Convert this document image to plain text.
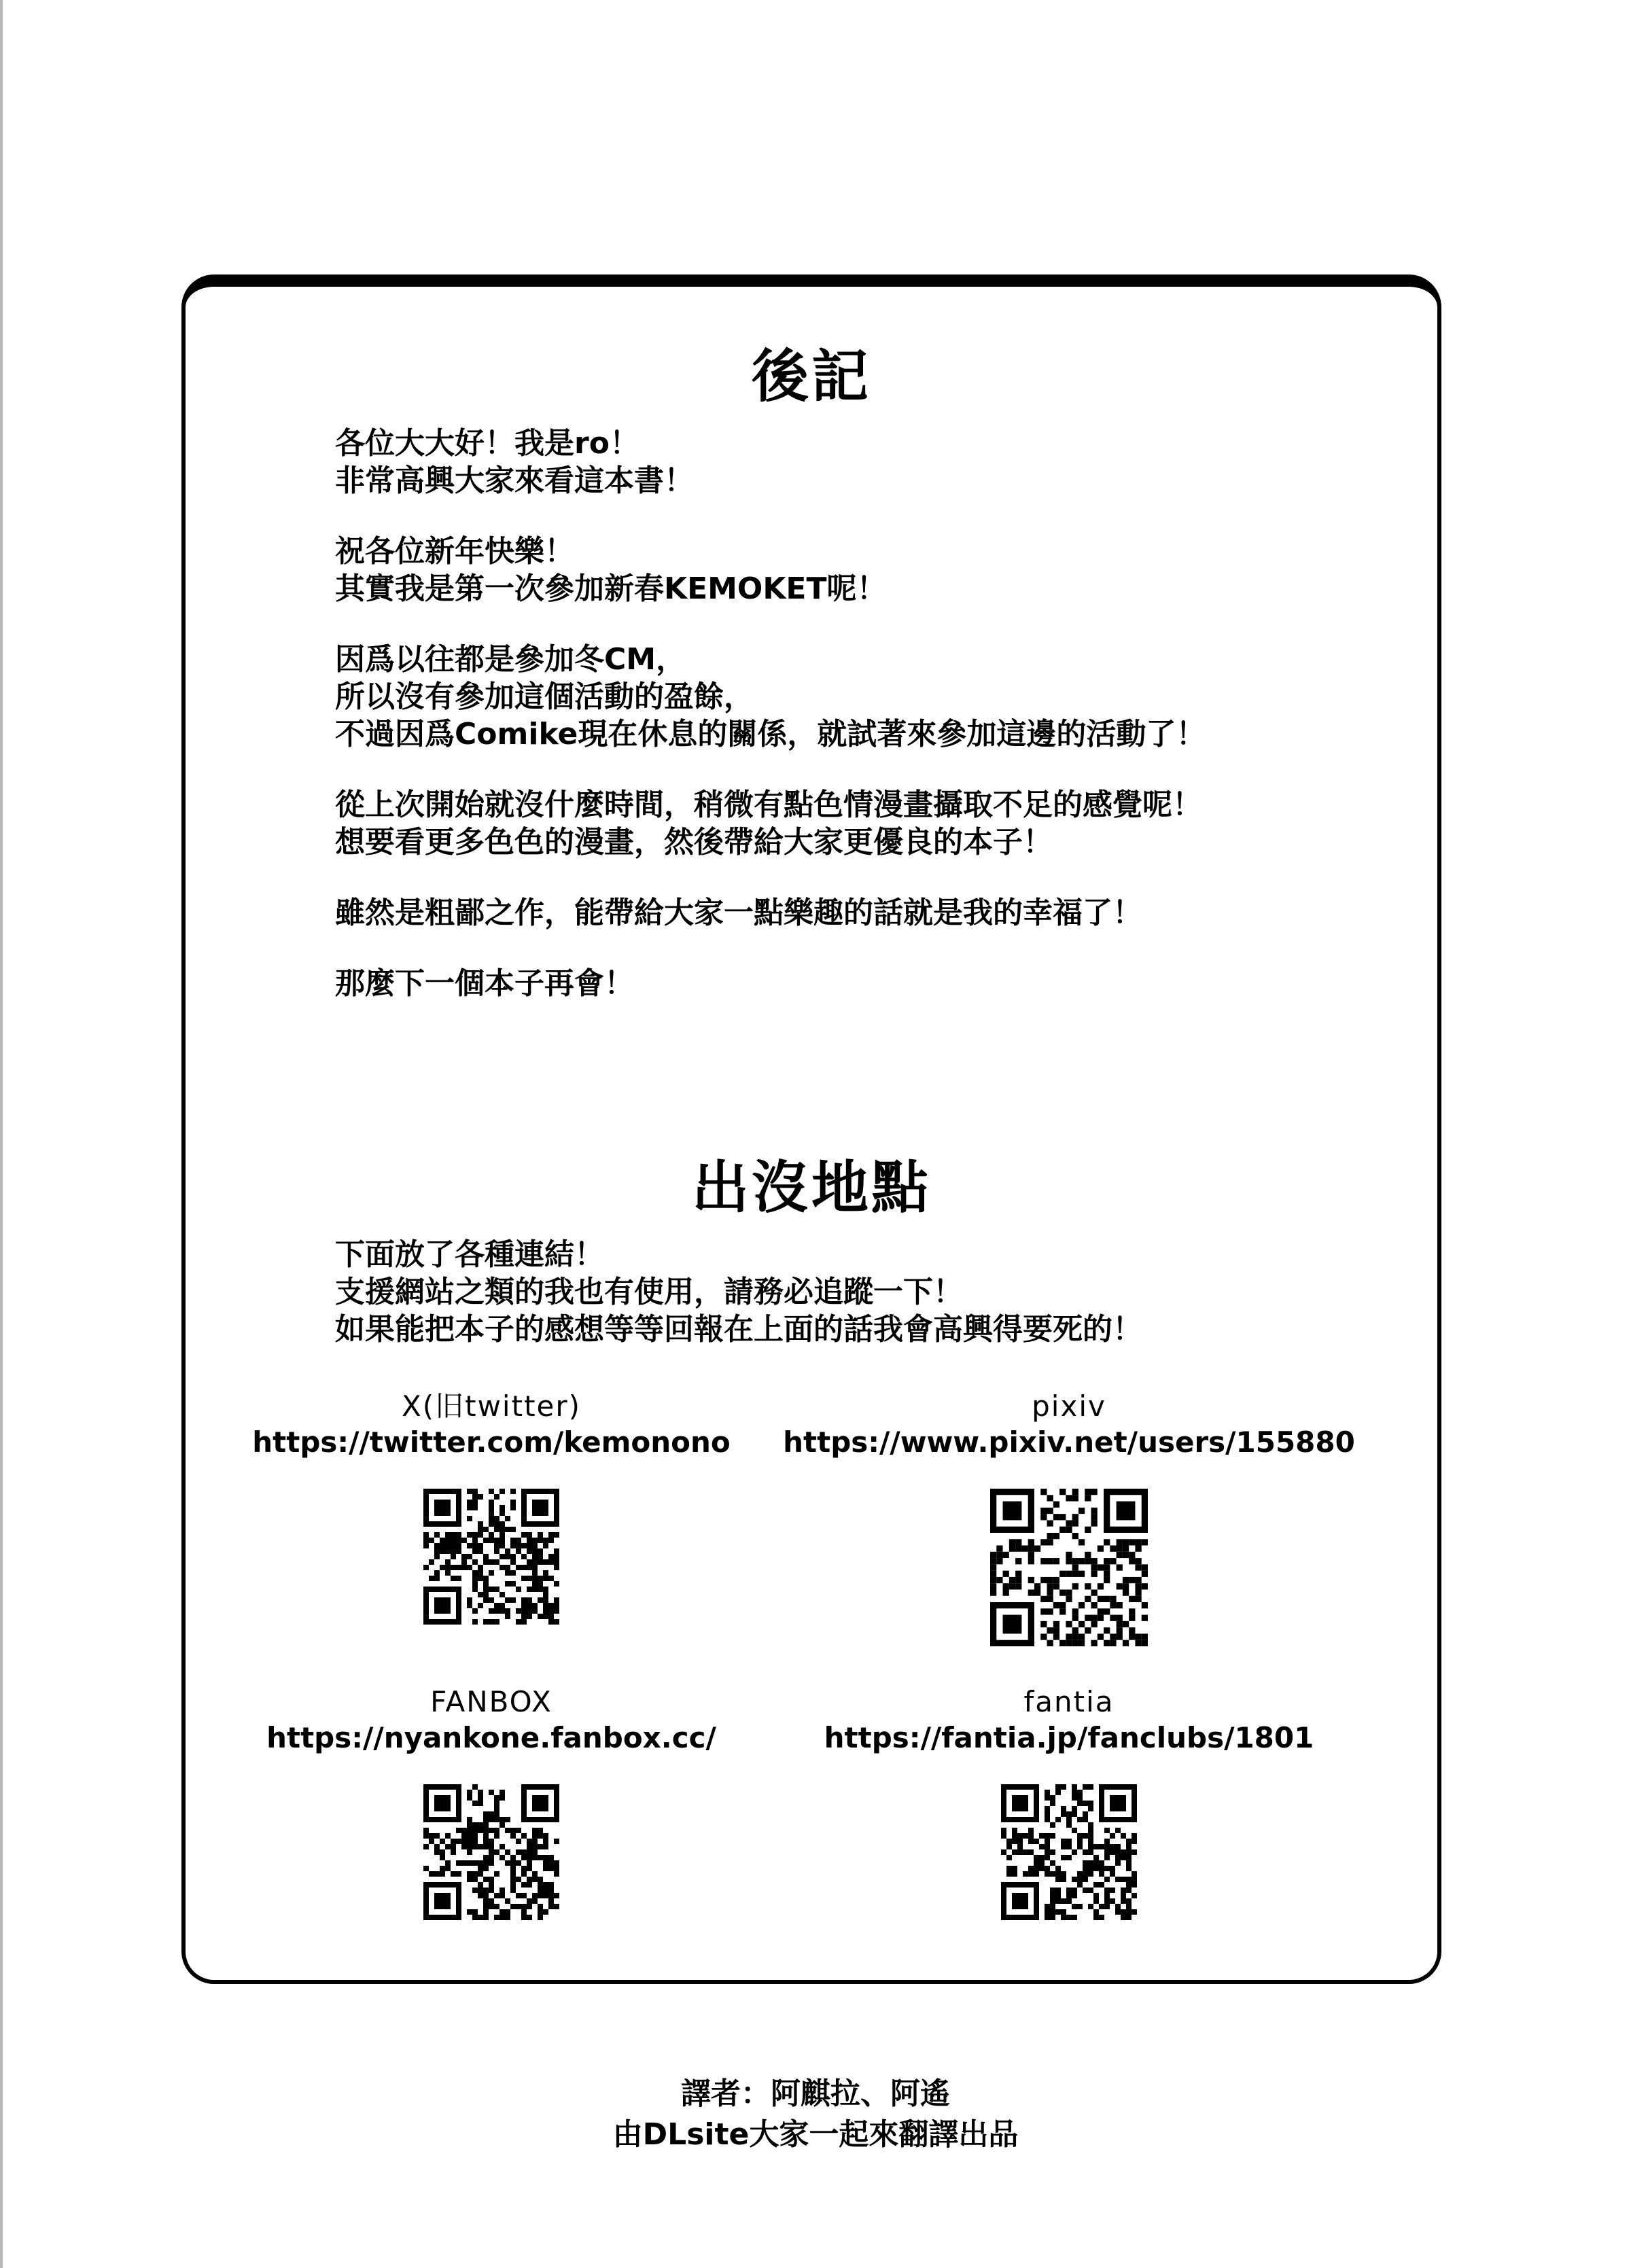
後記
各位大大好！我是ro！
非常高興大家來看這本書！
祝各位新年快樂！
其實我是第一次參加新春KEMOKET呢！
因爲以往都是參加冬CM，
所以沒有參加這個活動的盈餘，
不過因爲Comike現在休息的關係，就試著來參加這邊的活動了！
從上次開始就沒什麼時間，稍微有點色情漫畫攝取不足的感覺呢！
想要看更多色色的漫畫，然後帶給大家更優良的本子！
雖然是粗鄙之作，能帶給大家一點樂趣的話就是我的幸福了！
那麼下一個本子再會！
出沒地點
下面放了各種連結！
支援網站之類的我也有使用，請務必追蹤一下！
如果能把本子的感想等等回報在上面的話我會高興得要死的！
X(旧twitter)
https://twitter.com/kemonono
pixiv
https://www.pixiv.net/users/155880
FANBOX
https://nyankone.fanbox.cc/
fantia
https://fantia.jp/fanclubs/1801
譯者：阿麒拉、阿遙
由DLsite大家一起來翻譯出品
